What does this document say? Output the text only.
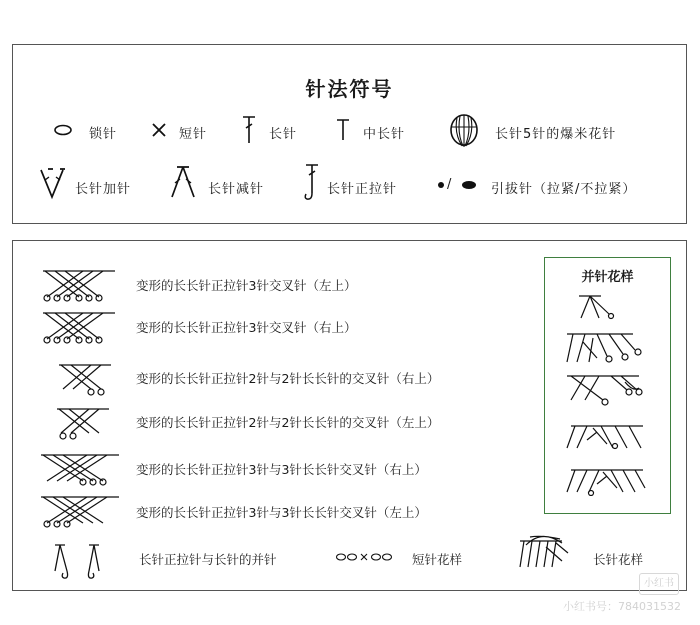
针法符号
锁针	短针	长针	中长针	长针5针的爆米花针
长针加针	长针减针	长针正拉针	/	引拔针（拉紧/不拉紧）
变形的长长针正拉针3针交叉针（左上）
变形的长长针正拉针3针交叉针（右上）
变形的长长针正拉针2针与2针长长针的交叉针（右上）
变形的长长针正拉针2针与2针长长针的交叉针（左上）
变形的长长针正拉针3针与3针长长针交叉针（右上）
变形的长长针正拉针3针与3针长长针交叉针（左上）
并针花样
长针正拉针与长针的并针	短针花样	长针花样
小红书
小红书号：784031532
